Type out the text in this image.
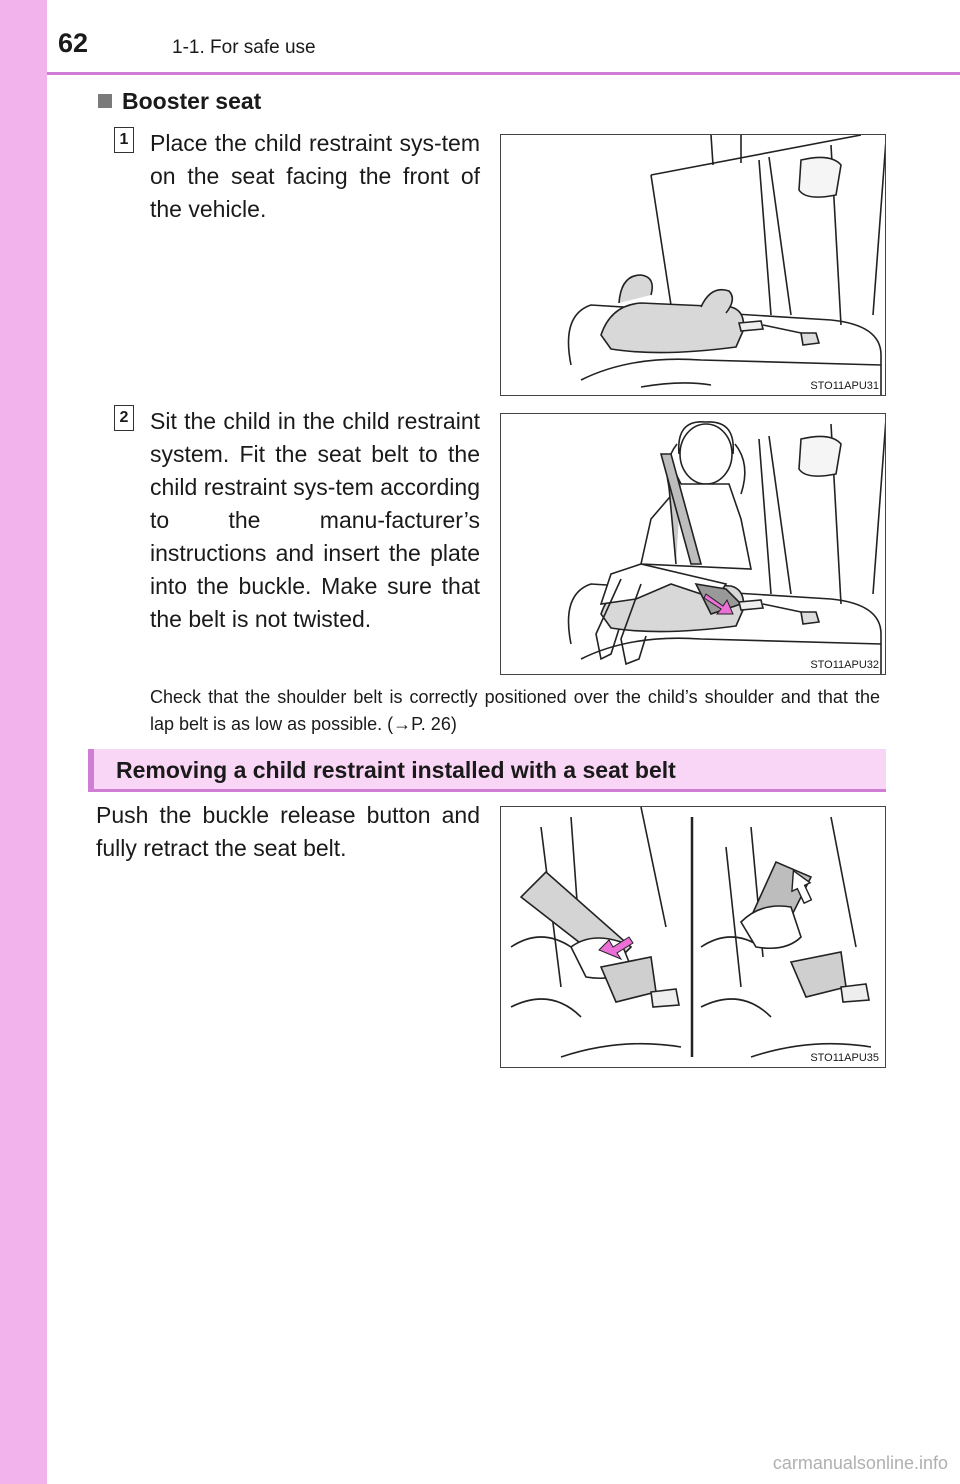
62	1-1. For safe use
Booster seat
1 Place the child restraint sys-tem on the seat facing the front of the vehicle.
STO11APU31
2 Sit the child in the child restraint system. Fit the seat belt to the child restraint sys-tem according to the manu-facturer’s instructions and insert the plate into the buckle. Make sure that the belt is not twisted.
STO11APU32
Check that the shoulder belt is correctly positioned over the child’s shoulder and that the lap belt is as low as possible. (→P. 26)
Removing a child restraint installed with a seat belt
Push the buckle release button and fully retract the seat belt.
STO11APU35
carmanualsonline.info
